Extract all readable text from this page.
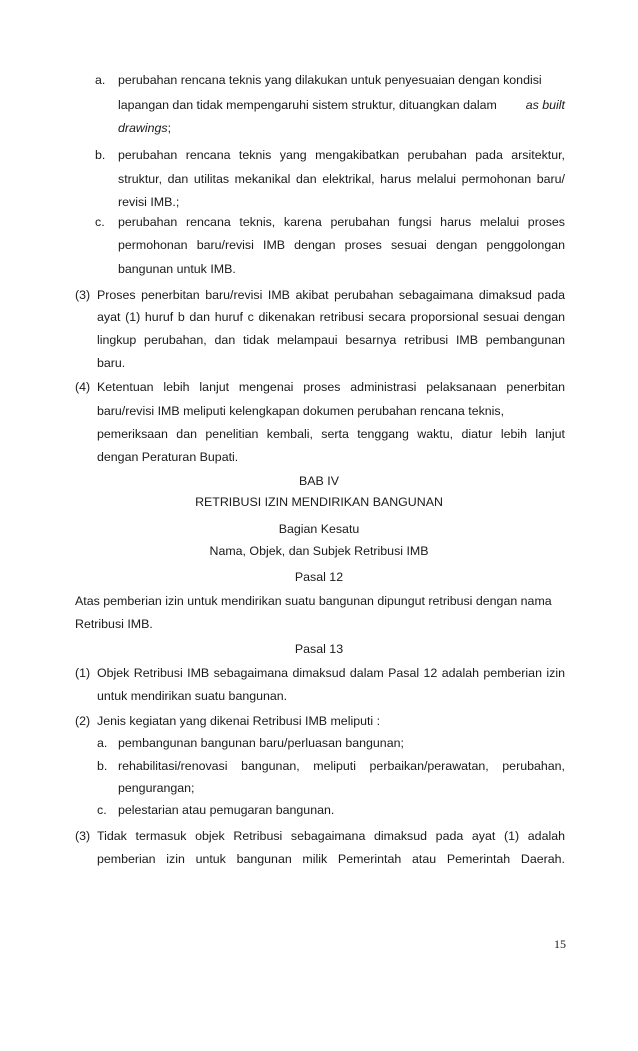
a. perubahan rencana teknis yang dilakukan untuk penyesuaian dengan kondisi
lapangan dan tidak mempengaruhi sistem struktur, dituangkan dalam as built
drawings;
b. perubahan rencana teknis yang mengakibatkan perubahan pada arsitektur,
struktur, dan utilitas mekanikal dan elektrikal, harus melalui permohonan baru/
revisi IMB.;
c. perubahan rencana teknis, karena perubahan fungsi harus melalui proses
permohonan baru/revisi IMB dengan proses sesuai dengan penggolongan
bangunan untuk IMB.
(3) Proses penerbitan baru/revisi IMB akibat perubahan sebagaimana dimaksud pada
ayat (1) huruf b dan huruf c dikenakan retribusi secara proporsional sesuai dengan
lingkup perubahan, dan tidak melampaui besarnya retribusi IMB pembangunan
baru.
(4) Ketentuan lebih lanjut mengenai proses administrasi pelaksanaan penerbitan
baru/revisi IMB meliputi kelengkapan dokumen perubahan rencana teknis,
pemeriksaan dan penelitian kembali, serta tenggang waktu, diatur lebih lanjut
dengan Peraturan Bupati.
BAB IV
RETRIBUSI IZIN MENDIRIKAN BANGUNAN
Bagian Kesatu
Nama, Objek, dan Subjek Retribusi IMB
Pasal 12
Atas pemberian izin untuk mendirikan suatu bangunan dipungut retribusi dengan nama
Retribusi IMB.
Pasal 13
(1) Objek Retribusi IMB sebagaimana dimaksud dalam Pasal 12 adalah pemberian izin
untuk mendirikan suatu bangunan.
(2) Jenis kegiatan yang dikenai Retribusi IMB meliputi :
a. pembangunan bangunan baru/perluasan bangunan;
b. rehabilitasi/renovasi bangunan, meliputi perbaikan/perawatan, perubahan,
pengurangan;
c. pelestarian atau pemugaran bangunan.
(3) Tidak termasuk objek Retribusi sebagaimana dimaksud pada ayat (1) adalah
pemberian izin untuk bangunan milik Pemerintah atau Pemerintah Daerah.
15
